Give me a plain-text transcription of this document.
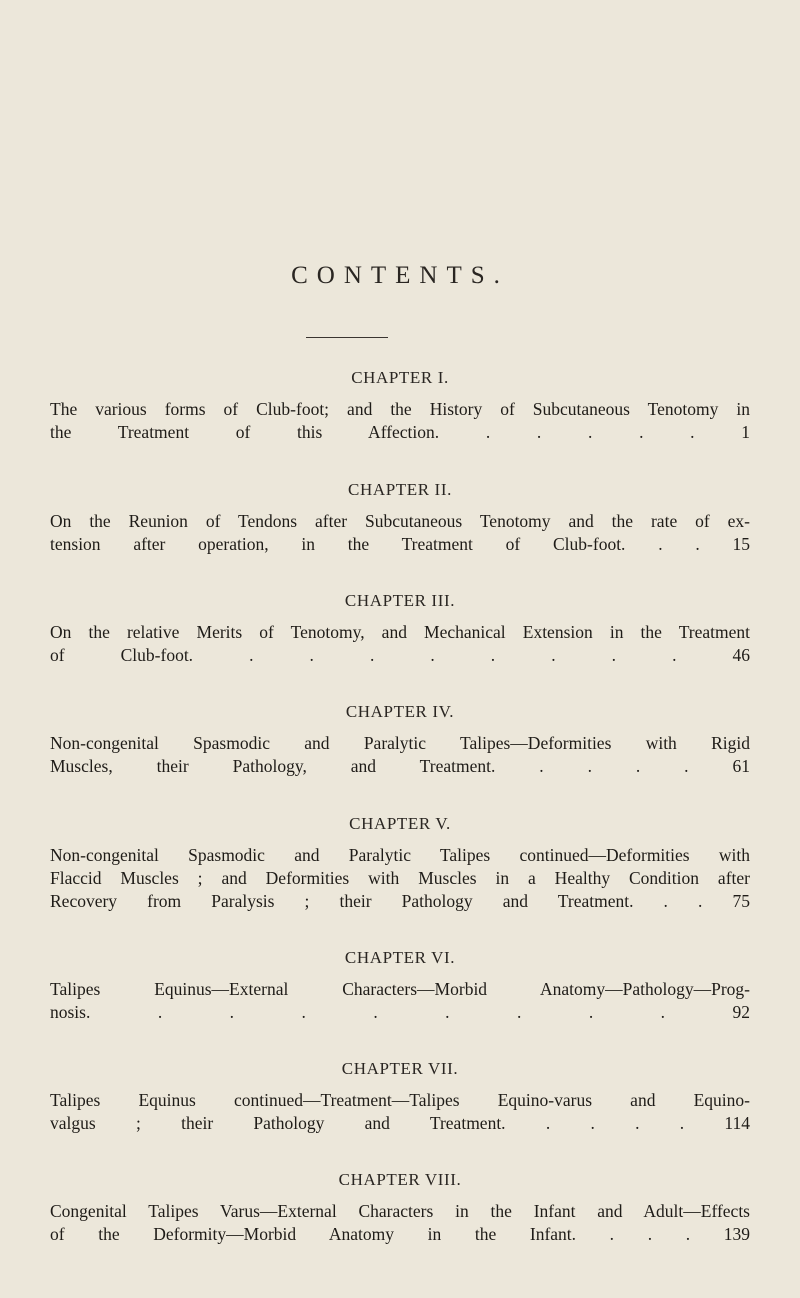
CONTENTS.
CHAPTER I.
The various forms of Club-foot; and the History of Subcutaneous Tenotomy in
the Treatment of this Affection. . . . . . 1
CHAPTER II.
On the Reunion of Tendons after Subcutaneous Tenotomy and the rate of ex-
tension after operation, in the Treatment of Club-foot. . . 15
CHAPTER III.
On the relative Merits of Tenotomy, and Mechanical Extension in the Treatment
of Club-foot. . . . . . . . . 46
CHAPTER IV.
Non-congenital Spasmodic and Paralytic Talipes—Deformities with Rigid
Muscles, their Pathology, and Treatment. . . . . 61
CHAPTER V.
Non-congenital Spasmodic and Paralytic Talipes continued—Deformities with
Flaccid Muscles ; and Deformities with Muscles in a Healthy Condition after
Recovery from Paralysis ; their Pathology and Treatment. . . 75
CHAPTER VI.
Talipes Equinus—External Characters—Morbid Anatomy—Pathology—Prog-
nosis. . . . . . . . . 92
CHAPTER VII.
Talipes Equinus continued—Treatment—Talipes Equino-varus and Equino-
valgus ; their Pathology and Treatment. . . . . 114
CHAPTER VIII.
Congenital Talipes Varus—External Characters in the Infant and Adult—Effects
of the Deformity—Morbid Anatomy in the Infant. . . . 139
